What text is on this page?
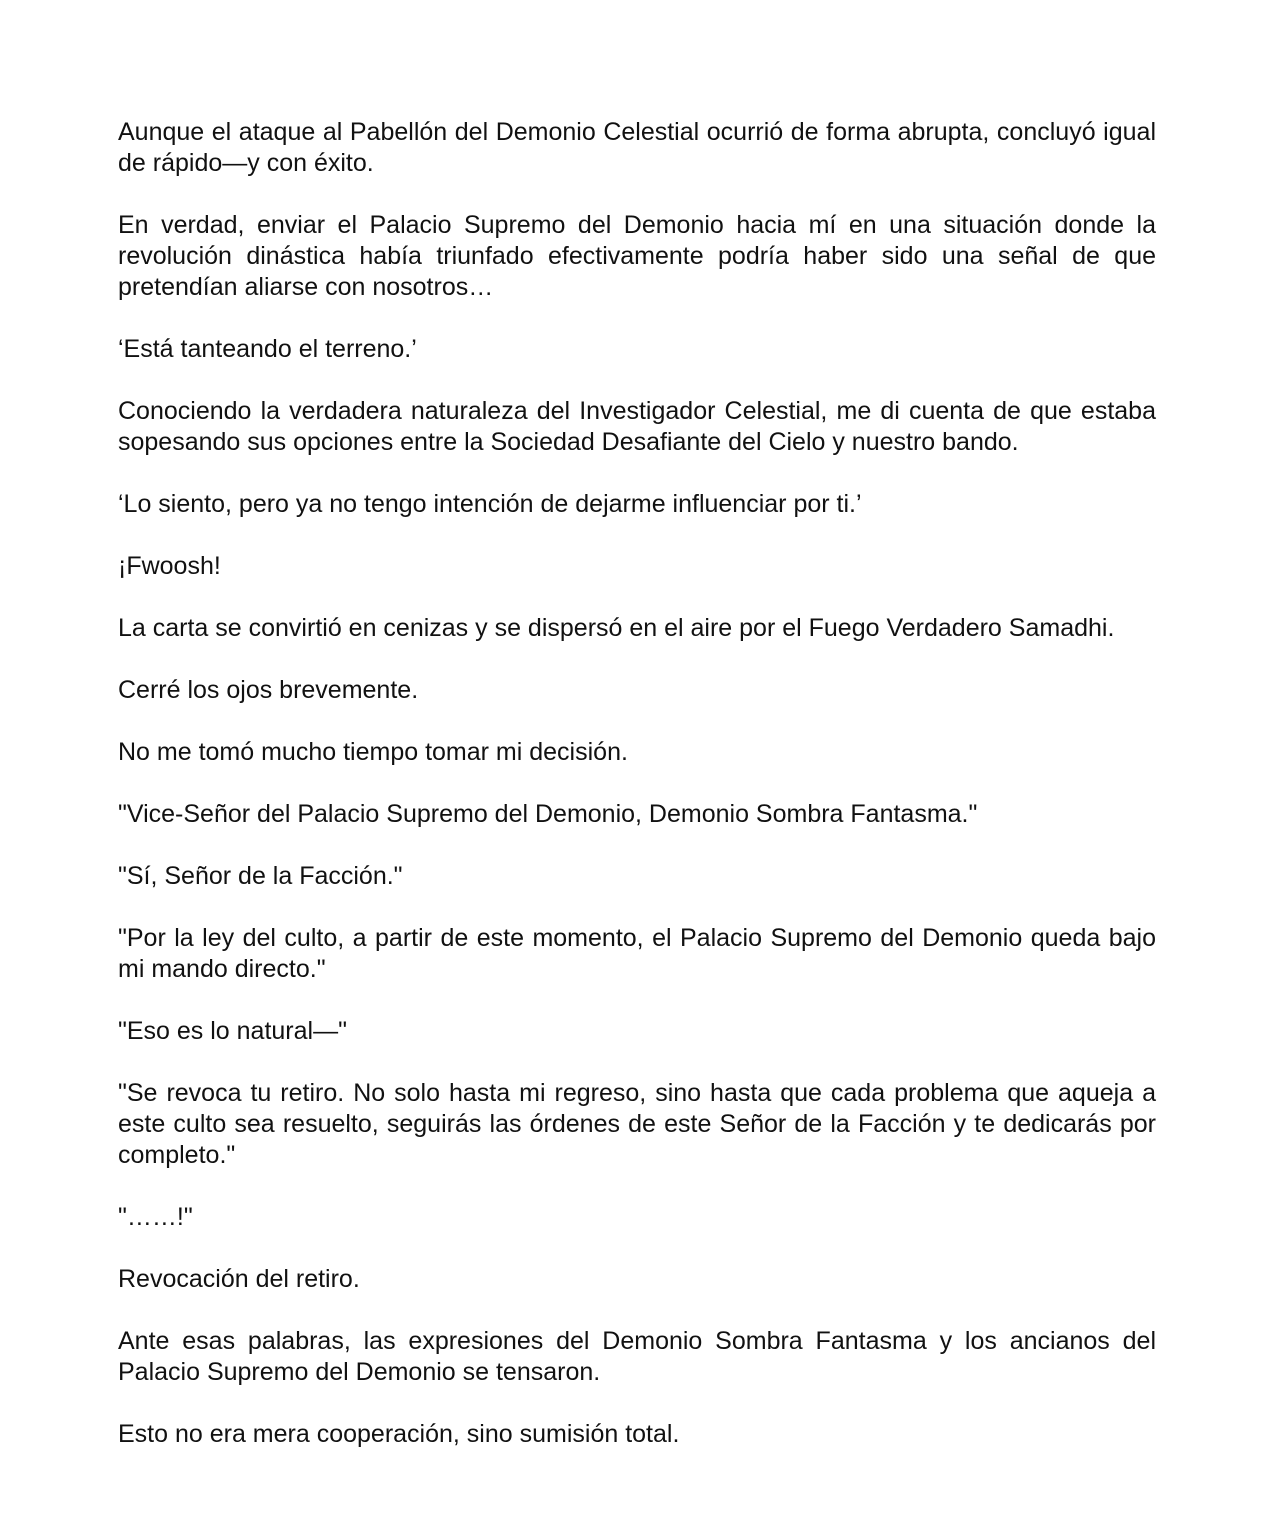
Aunque el ataque al Pabellón del Demonio Celestial ocurrió de forma abrupta, concluyó igual de rápido—y con éxito.

En verdad, enviar el Palacio Supremo del Demonio hacia mí en una situación donde la revolución dinástica había triunfado efectivamente podría haber sido una señal de que pretendían aliarse con nosotros…

‘Está tanteando el terreno.’

Conociendo la verdadera naturaleza del Investigador Celestial, me di cuenta de que estaba sopesando sus opciones entre la Sociedad Desafiante del Cielo y nuestro bando.

‘Lo siento, pero ya no tengo intención de dejarme influenciar por ti.’

¡Fwoosh!

La carta se convirtió en cenizas y se dispersó en el aire por el Fuego Verdadero Samadhi.

Cerré los ojos brevemente.

No me tomó mucho tiempo tomar mi decisión.

"Vice-Señor del Palacio Supremo del Demonio, Demonio Sombra Fantasma."

"Sí, Señor de la Facción."

"Por la ley del culto, a partir de este momento, el Palacio Supremo del Demonio queda bajo mi mando directo."

"Eso es lo natural—"

"Se revoca tu retiro. No solo hasta mi regreso, sino hasta que cada problema que aqueja a este culto sea resuelto, seguirás las órdenes de este Señor de la Facción y te dedicarás por completo."

"……!"

Revocación del retiro.

Ante esas palabras, las expresiones del Demonio Sombra Fantasma y los ancianos del Palacio Supremo del Demonio se tensaron.

Esto no era mera cooperación, sino sumisión total.
